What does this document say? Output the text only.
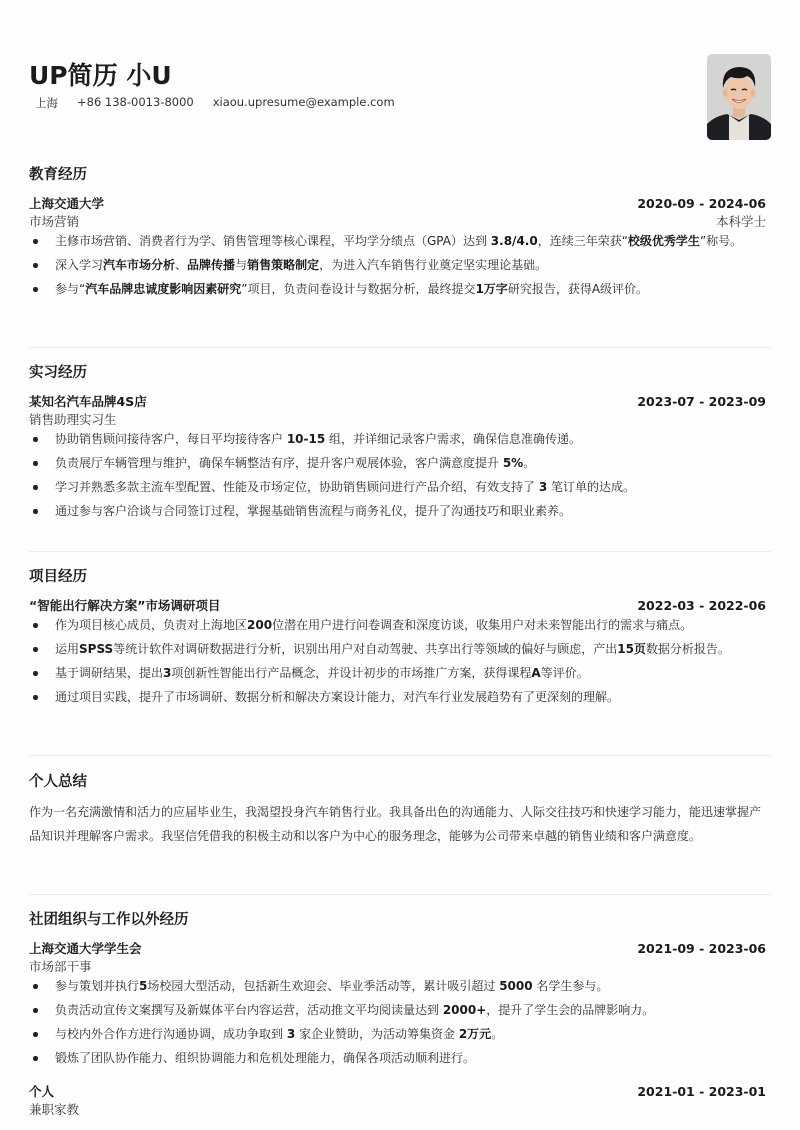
UP简历 小U
上海 +86 138-0013-8000 xiaou.upresume@example.com
教育经历
上海交通大学	2020-09 - 2024-06
市场营销	本科学士
主修市场营销、消费者行为学、销售管理等核心课程，平均学分绩点（GPA）达到 3.8/4.0，连续三年荣获“校级优秀学生”称号。
深入学习汽车市场分析、品牌传播与销售策略制定，为进入汽车销售行业奠定坚实理论基础。
参与“汽车品牌忠诚度影响因素研究”项目，负责问卷设计与数据分析，最终提交1万字研究报告，获得A级评价。
实习经历
某知名汽车品牌4S店	2023-07 - 2023-09
销售助理实习生
协助销售顾问接待客户，每日平均接待客户 10-15 组，并详细记录客户需求，确保信息准确传递。
负责展厅车辆管理与维护，确保车辆整洁有序，提升客户观展体验，客户满意度提升 5%。
学习并熟悉多款主流车型配置、性能及市场定位，协助销售顾问进行产品介绍，有效支持了 3 笔订单的达成。
通过参与客户洽谈与合同签订过程，掌握基础销售流程与商务礼仪，提升了沟通技巧和职业素养。
项目经历
“智能出行解决方案”市场调研项目	2022-03 - 2022-06
作为项目核心成员，负责对上海地区200位潜在用户进行问卷调查和深度访谈，收集用户对未来智能出行的需求与痛点。
运用SPSS等统计软件对调研数据进行分析，识别出用户对自动驾驶、共享出行等领域的偏好与顾虑，产出15页数据分析报告。
基于调研结果，提出3项创新性智能出行产品概念，并设计初步的市场推广方案，获得课程A等评价。
通过项目实践，提升了市场调研、数据分析和解决方案设计能力，对汽车行业发展趋势有了更深刻的理解。
个人总结
作为一名充满激情和活力的应届毕业生，我渴望投身汽车销售行业。我具备出色的沟通能力、人际交往技巧和快速学习能力，能迅速掌握产品知识并理解客户需求。我坚信凭借我的积极主动和以客户为中心的服务理念，能够为公司带来卓越的销售业绩和客户满意度。
社团组织与工作以外经历
上海交通大学学生会	2021-09 - 2023-06
市场部干事
参与策划并执行5场校园大型活动，包括新生欢迎会、毕业季活动等，累计吸引超过 5000 名学生参与。
负责活动宣传文案撰写及新媒体平台内容运营，活动推文平均阅读量达到 2000+，提升了学生会的品牌影响力。
与校内外合作方进行沟通协调，成功争取到 3 家企业赞助，为活动筹集资金 2万元。
锻炼了团队协作能力、组织协调能力和危机处理能力，确保各项活动顺利进行。
个人	2021-01 - 2023-01
兼职家教
